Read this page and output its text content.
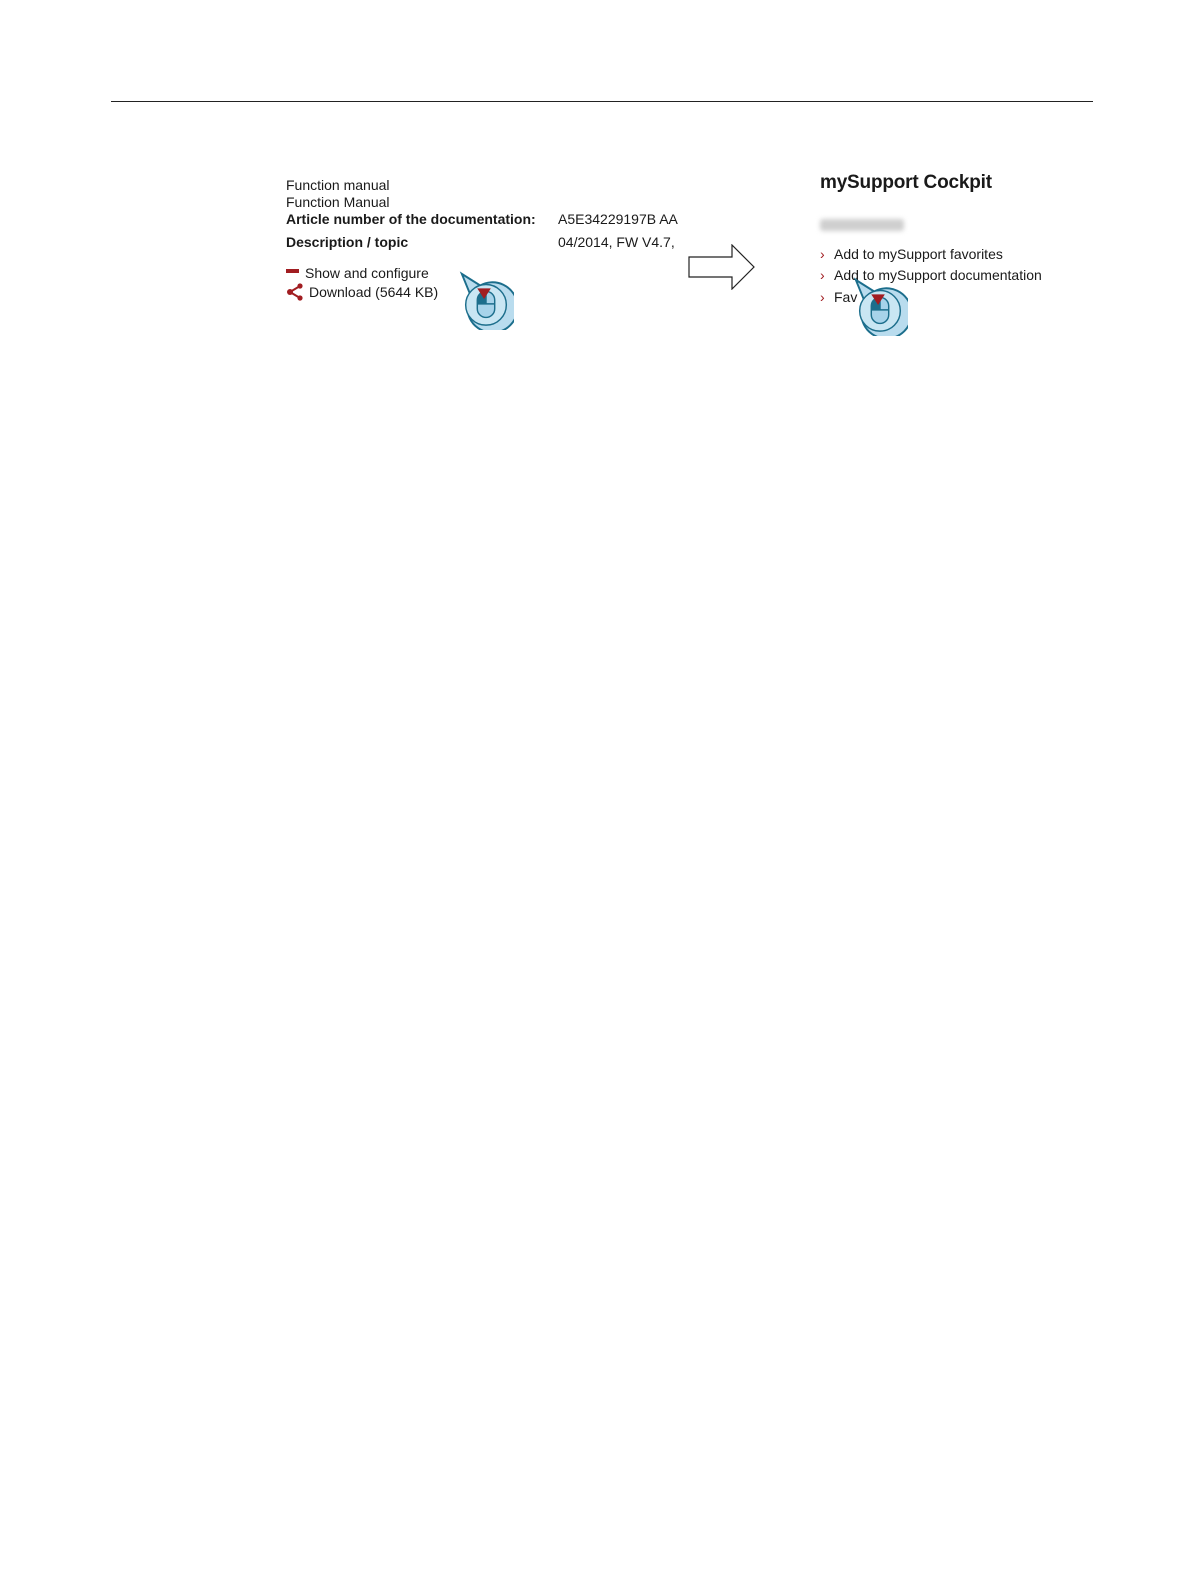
Function manual
Function Manual
Article number of the documentation: A5E34229197B AA
Description / topic	04/2014, FW V4.7,
Show and configure
Download (5644 KB)
mySupport Cockpit
› Add to mySupport favorites
› Add to mySupport documentation
› Fav
